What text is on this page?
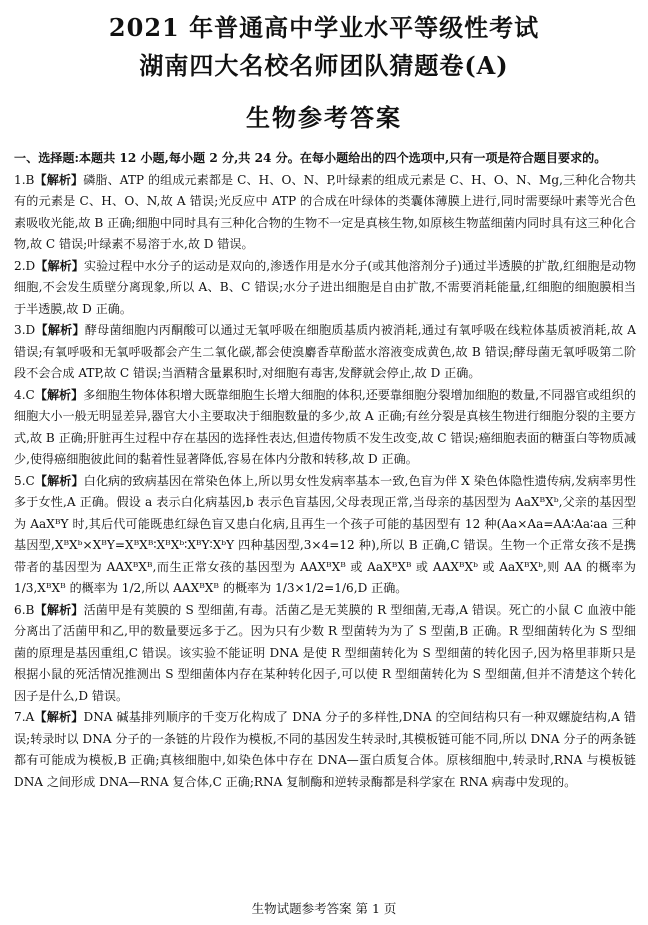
2021 年普通高中学业水平等级性考试
湖南四大名校名师团队猜题卷(A)
生物参考答案

一、选择题:本题共 12 小题,每小题 2 分,共 24 分。在每小题给出的四个选项中,只有一项是符合题目要求的。

1.B【解析】磷脂、ATP 的组成元素都是 C、H、O、N、P,叶绿素的组成元素是 C、H、O、N、Mg,三种化合物共有的元素是 C、H、O、N,故 A 错误;光反应中 ATP 的合成在叶绿体的类囊体薄膜上进行,同时需要绿叶素等光合色素吸收光能,故 B 正确;细胞中同时具有三种化合物的生物不一定是真核生物,如原核生物蓝细菌内同时具有这三种化合物,故 C 错误;叶绿素不易溶于水,故 D 错误。

2.D【解析】实验过程中水分子的运动是双向的,渗透作用是水分子(或其他溶剂分子)通过半透膜的扩散,红细胞是动物细胞,不会发生质壁分离现象,所以 A、B、C 错误;水分子进出细胞是自由扩散,不需要消耗能量,红细胞的细胞膜相当于半透膜,故 D 正确。

3.D【解析】酵母菌细胞内丙酮酸可以通过无氧呼吸在细胞质基质内被消耗,通过有氧呼吸在线粒体基质被消耗,故 A 错误;有氧呼吸和无氧呼吸都会产生二氧化碳,都会使溴麝香草酚蓝水溶液变成黄色,故 B 错误;酵母菌无氧呼吸第二阶段不会合成 ATP,故 C 错误;当酒精含量累积时,对细胞有毒害,发酵就会停止,故 D 正确。

4.C【解析】多细胞生物体体积增大既靠细胞生长增大细胞的体积,还要靠细胞分裂增加细胞的数量,不同器官或组织的细胞大小一般无明显差异,器官大小主要取决于细胞数量的多少,故 A 正确;有丝分裂是真核生物进行细胞分裂的主要方式,故 B 正确;肝脏再生过程中存在基因的选择性表达,但遗传物质不发生改变,故 C 错误;癌细胞表面的糖蛋白等物质减少,使得癌细胞彼此间的黏着性显著降低,容易在体内分散和转移,故 D 正确。

5.C【解析】白化病的致病基因在常染色体上,所以男女性发病率基本一致,色盲为伴 X 染色体隐性遗传病,发病率男性多于女性,A 正确。假设 a 表示白化病基因,b 表示色盲基因,父母表现正常,当母亲的基因型为 AaXᴮXᵇ,父亲的基因型为 AaXᴮY 时,其后代可能既患红绿色盲又患白化病,且再生一个孩子可能的基因型有 12 种(Aa×Aa=AA∶Aa∶aa 三种基因型,XᴮXᵇ×XᴮY=XᴮXᴮ∶XᴮXᵇ∶XᴮY∶XᵇY 四种基因型,3×4=12 种),所以 B 正确,C 错误。生物一个正常女孩不是携带者的基因型为 AAXᴮXᴮ,而生正常女孩的基因型为 AAXᴮXᴮ 或 AaXᴮXᴮ 或 AAXᴮXᵇ 或 AaXᴮXᵇ,则 AA 的概率为 1/3,XᴮXᴮ 的概率为 1/2,所以 AAXᴮXᴮ 的概率为 1/3×1/2=1/6,D 正确。

6.B【解析】活菌甲是有荚膜的 S 型细菌,有毒。活菌乙是无荚膜的 R 型细菌,无毒,A 错误。死亡的小鼠 C 血液中能分离出了活菌甲和乙,甲的数量要远多于乙。因为只有少数 R 型菌转为为了 S 型菌,B 正确。R 型细菌转化为 S 型细菌的原理是基因重组,C 错误。该实验不能证明 DNA 是使 R 型细菌转化为 S 型细菌的转化因子,因为格里菲斯只是根据小鼠的死活情况推测出 S 型细菌体内存在某种转化因子,可以使 R 型细菌转化为 S 型细菌,但并不清楚这个转化因子是什么,D 错误。

7.A【解析】DNA 碱基排列顺序的千变万化构成了 DNA 分子的多样性,DNA 的空间结构只有一种双螺旋结构,A 错误;转录时以 DNA 分子的一条链的片段作为模板,不同的基因发生转录时,其模板链可能不同,所以 DNA 分子的两条链都有可能成为模板,B 正确;真核细胞中,如染色体中存在 DNA—蛋白质复合体。原核细胞中,转录时,RNA 与模板链 DNA 之间形成 DNA—RNA 复合体,C 正确;RNA 复制酶和逆转录酶都是科学家在 RNA 病毒中发现的。

生物试题参考答案 第 1 页
